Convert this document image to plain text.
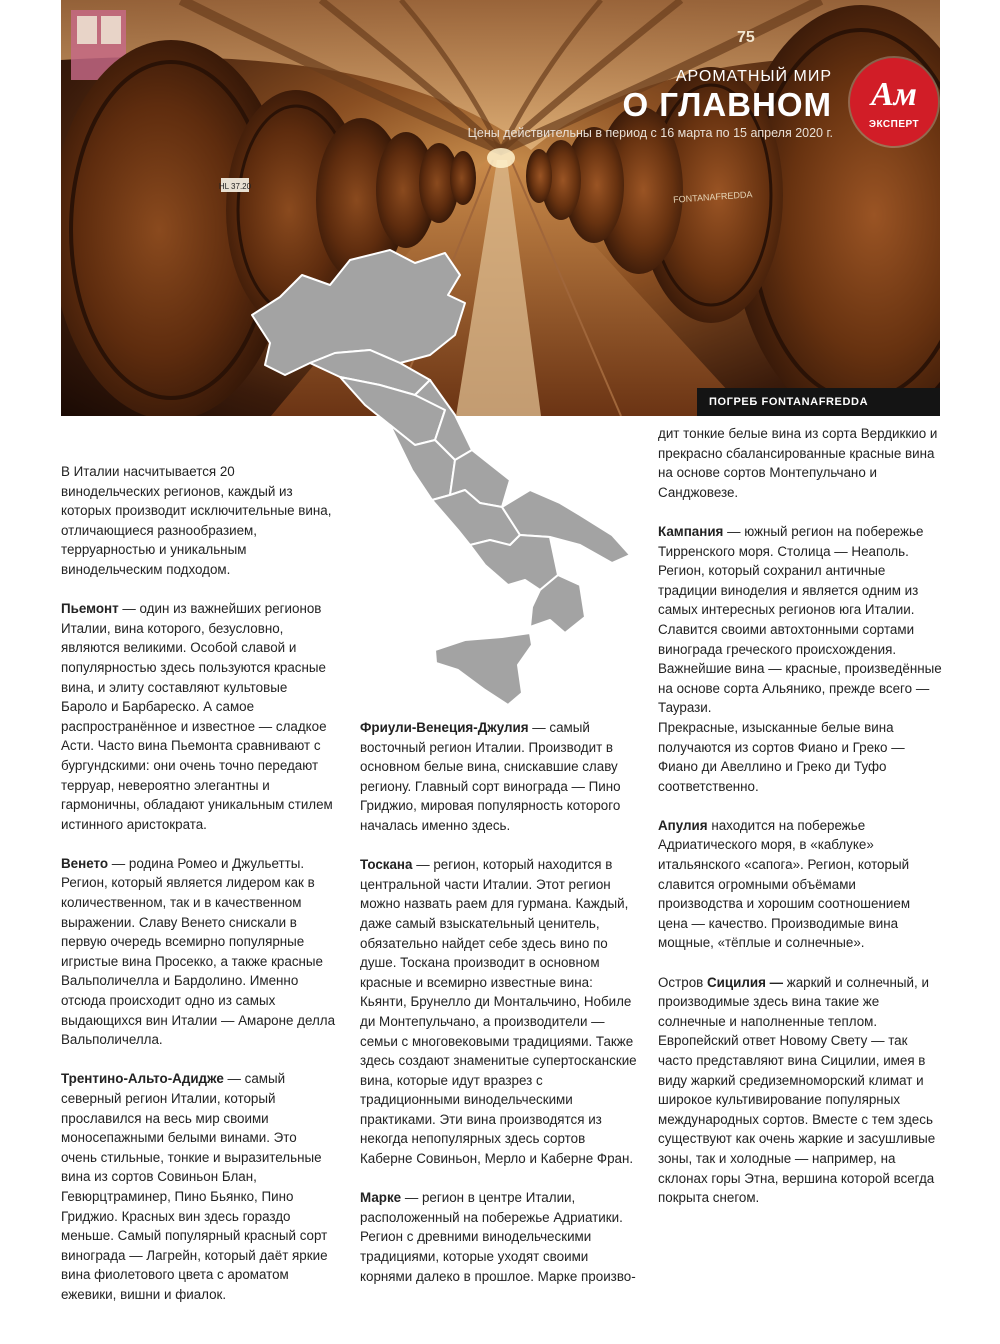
HL 37.20
75
FONTANAFREDDA
АРОМАТНЫЙ МИР
О ГЛАВНОМ
Цены действительны в период с 16 марта по 15 апреля 2020 г.
Ам
ЭКСПЕРТ
ПОГРЕБ FONTANAFREDDA

В Италии насчитывается 20 винодельческих регионов, каждый из которых производит исключительные вина, отличающиеся разнообразием, терруарностью и уникальным винодельческим подходом.

Пьемонт — один из важнейших регионов Италии, вина которого, безусловно, являются великими. Особой славой и популярностью здесь пользуются красные вина, и элиту составляют культовые Бароло и Барбареско. А самое распространённое и известное — сладкое Асти. Часто вина Пьемонта сравнивают с бургундскими: они очень точно передают терруар, невероятно элегантны и гармоничны, обладают уникальным стилем истинного аристократа.

Венето — родина Ромео и Джульетты. Регион, который является лидером как в количественном, так и в качественном выражении. Славу Венето снискали в первую очередь всемирно популярные игристые вина Просекко, а также красные Вальполичелла и Бардолино. Именно отсюда происходит одно из самых выдающихся вин Италии — Амароне делла Вальполичелла.

Трентино-Альто-Адидже — самый северный регион Италии, который прославился на весь мир своими моносепажными белыми винами. Это очень стильные, тонкие и выразительные вина из сортов Совиньон Блан, Гевюрцтраминер, Пино Бьянко, Пино Гриджио. Красных вин здесь гораздо меньше. Самый популярный красный сорт винограда — Лагрейн, который даёт яркие вина фиолетового цвета с ароматом ежевики, вишни и фиалок.

Фриули-Венеция-Джулия — самый восточный регион Италии. Производит в основном белые вина, снискавшие славу региону. Главный сорт винограда — Пино Гриджио, мировая популярность которого началась именно здесь.

Тоскана — регион, который находится в центральной части Италии. Этот регион можно назвать раем для гурмана. Каждый, даже самый взыскательный ценитель, обязательно найдет себе здесь вино по душе. Тоскана производит в основном красные и всемирно известные вина: Кьянти, Брунелло ди Монтальчино, Нобиле ди Монтепульчано, а производители — семьи с многовековыми традициями. Также здесь создают знаменитые супертосканские вина, которые идут вразрез с традиционными винодельческими практиками. Эти вина производятся из некогда непопулярных здесь сортов Каберне Совиньон, Мерло и Каберне Фран.

Марке — регион в центре Италии, расположенный на побережье Адриатики. Регион с древними винодельческими традициями, которые уходят своими корнями далеко в прошлое. Марке произво-

дит тонкие белые вина из сорта Вердиккио и прекрасно сбалансированные красные вина на основе сортов Монтепульчано и Санджовезе.

Кампания — южный регион на побережье Тирренского моря. Столица — Неаполь. Регион, который сохранил античные традиции виноделия и является одним из самых интересных регионов юга Италии. Славится своими автохтонными сортами винограда греческого происхождения. Важнейшие вина — красные, произведённые на основе сорта Альянико, прежде всего — Таурази.

Прекрасные, изысканные белые вина получаются из сортов Фиано и Греко — Фиано ди Авеллино и Греко ди Туфо соответственно.

Апулия находится на побережье Адриатического моря, в «каблуке» итальянского «сапога». Регион, который славится огромными объёмами производства и хорошим соотношением цена — качество. Производимые вина мощные, «тёплые и солнечные».

Остров Сицилия — жаркий и солнечный, и производимые здесь вина такие же солнечные и наполненные теплом. Европейский ответ Новому Свету — так часто представляют вина Сицилии, имея в виду жаркий средиземноморский климат и широкое культивирование популярных международных сортов. Вместе с тем здесь существуют как очень жаркие и засушливые зоны, так и холодные — например, на склонах горы Этна, вершина которой всегда покрыта снегом.
